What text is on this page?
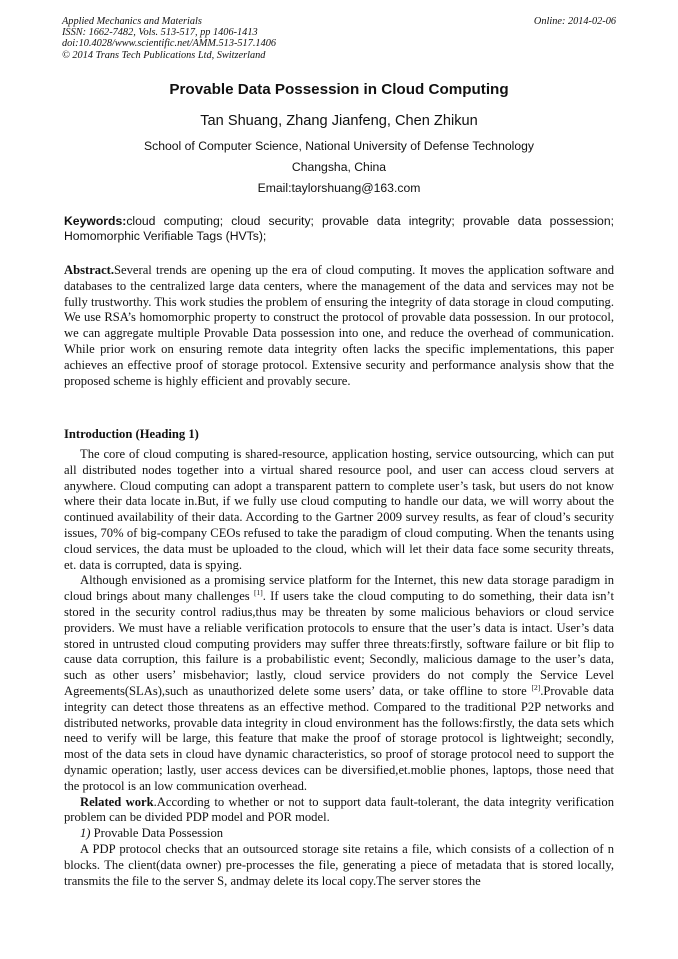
Applied Mechanics and Materials
ISSN: 1662-7482, Vols. 513-517, pp 1406-1413
doi:10.4028/www.scientific.net/AMM.513-517.1406
© 2014 Trans Tech Publications Ltd, Switzerland
Online: 2014-02-06
Provable Data Possession in Cloud Computing
Tan Shuang, Zhang Jianfeng, Chen Zhikun
School of Computer Science, National University of Defense Technology
Changsha, China
Email:taylorshuang@163.com
Keywords:cloud computing; cloud security; provable data integrity; provable data possession; Homomorphic Verifiable Tags (HVTs);
Abstract.Several trends are opening up the era of cloud computing. It moves the application software and databases to the centralized large data centers, where the management of the data and services may not be fully trustworthy. This work studies the problem of ensuring the integrity of data storage in cloud computing. We use RSA’s homomorphic property to construct the protocol of provable data possession. In our protocol, we can aggregate multiple Provable Data possession into one, and reduce the overhead of communication. While prior work on ensuring remote data integrity often lacks the specific implementations, this paper achieves an effective proof of storage protocol. Extensive security and performance analysis show that the proposed scheme is highly efficient and provably secure.
Introduction (Heading 1)

The core of cloud computing is shared-resource, application hosting, service outsourcing, which can put all distributed nodes together into a virtual shared resource pool, and user can access cloud servers at anywhere. Cloud computing can adopt a transparent pattern to complete user’s task, but users do not know where their data locate in.But, if we fully use cloud computing to handle our data, we will worry about the continued availability of their data. According to the Gartner 2009 survey results, as fear of cloud’s security issues, 70% of big-company CEOs refused to take the paradigm of cloud computing. When the tenants using cloud services, the data must be uploaded to the cloud, which will let their data face some security threats, et. data is corrupted, data is spying.

Although envisioned as a promising service platform for the Internet, this new data storage paradigm in cloud brings about many challenges [1]. If users take the cloud computing to do something, their data isn’t stored in the security control radius,thus may be threaten by some malicious behaviors or cloud service providers. We must have a reliable verification protocols to ensure that the user’s data is intact. User’s data stored in untrusted cloud computing providers may suffer three threats:firstly, software failure or bit flip to cause data corruption, this failure is a probabilistic event; Secondly, malicious damage to the user’s data, such as other users’ misbehavior; lastly, cloud service providers do not comply the Service Level Agreements(SLAs),such as unauthorized delete some users’ data, or take offline to store [2].Provable data integrity can detect those threatens as an effective method. Compared to the traditional P2P networks and distributed networks, provable data integrity in cloud environment has the follows:firstly, the data sets which need to verify will be large, this feature that make the proof of storage protocol is lightweight; secondly, most of the data sets in cloud have dynamic characteristics, so proof of storage protocol need to support the dynamic operation; lastly, user access devices can be diversified,et.moblie phones, laptops, those need that the protocol is an low communication overhead.

Related work.According to whether or not to support data fault-tolerant, the data integrity verification problem can be divided PDP model and POR model.

1) Provable Data Possession

A PDP protocol checks that an outsourced storage site retains a file, which consists of a collection of n blocks. The client(data owner) pre-processes the file, generating a piece of metadata that is stored locally, transmits the file to the server S, andmay delete its local copy.The server stores the
